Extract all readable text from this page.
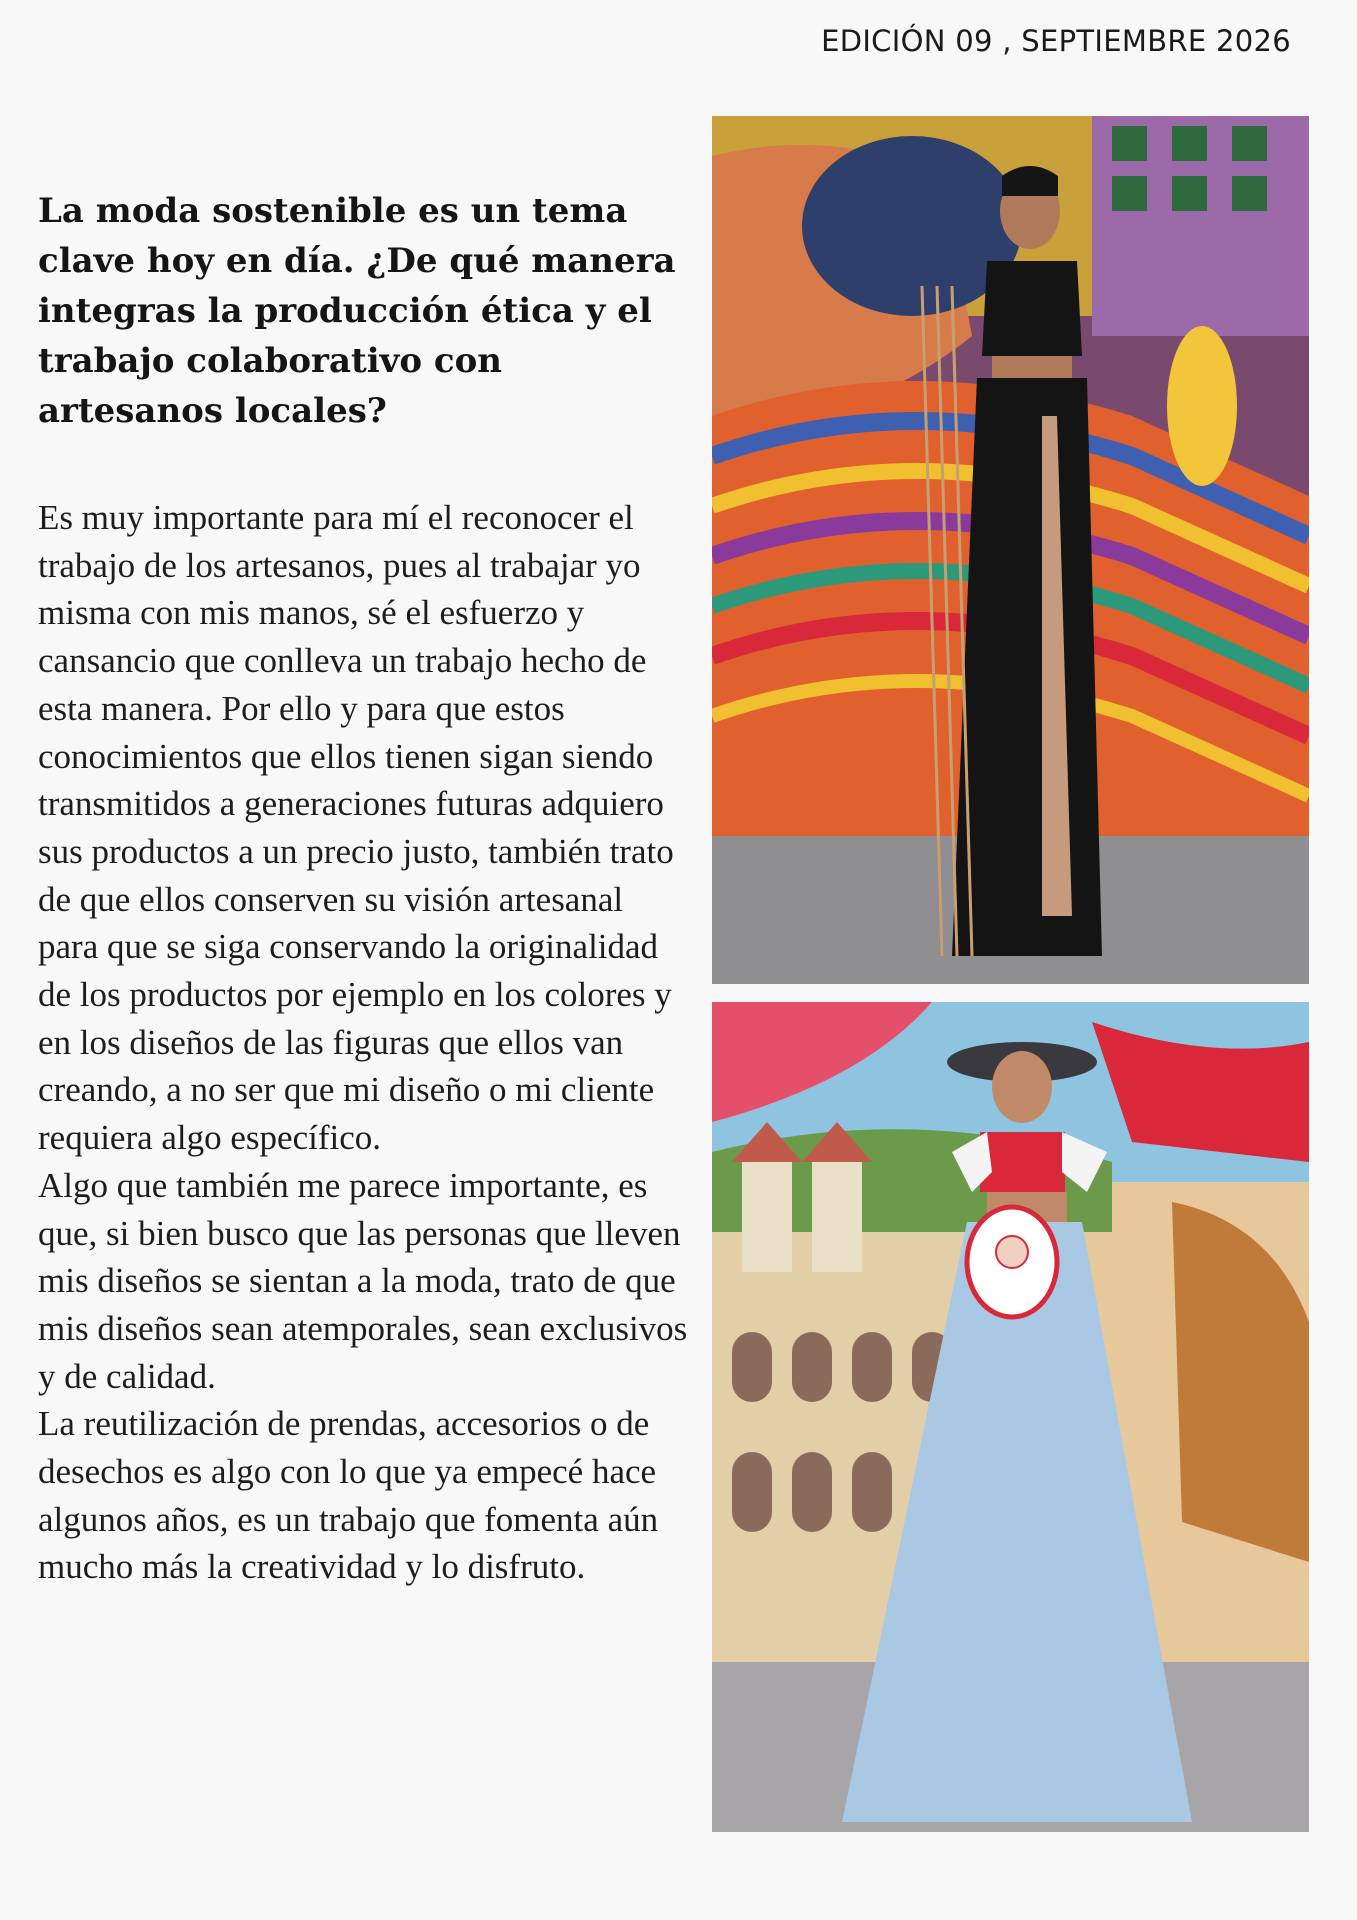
EDICIÓN 09 , SEPTIEMBRE 2026
La moda sostenible es un tema clave hoy en día. ¿De qué manera integras la producción ética y el trabajo colaborativo con artesanos locales?

Es muy importante para mí el reconocer el trabajo de los artesanos, pues al trabajar yo misma con mis manos, sé el esfuerzo y cansancio que conlleva un trabajo hecho de esta manera. Por ello y para que estos conocimientos que ellos tienen sigan siendo transmitidos a generaciones futuras adquiero sus productos a un precio justo, también trato de que ellos conserven su visión artesanal para que se siga conservando la originalidad de los productos por ejemplo en los colores y en los diseños de las figuras que ellos van creando, a no ser que mi diseño o mi cliente requiera algo específico.

Algo que también me parece importante, es que, si bien busco que las personas que lleven mis diseños se sientan a la moda, trato de que mis diseños sean atemporales, sean exclusivos y de calidad.

La reutilización de prendas, accesorios o de desechos es algo con lo que ya empecé hace algunos años, es un trabajo que fomenta aún mucho más la creatividad y lo disfruto.
